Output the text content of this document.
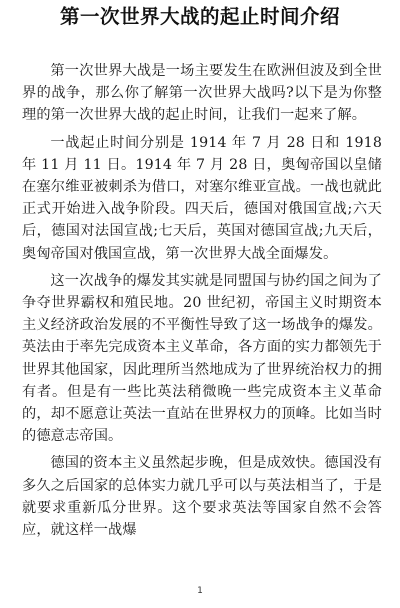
第一次世界大战的起止时间介绍

第一次世界大战是一场主要发生在欧洲但波及到全世界的战争，那么你了解第一次世界大战吗?以下是为你整理的第一次世界大战的起止时间，让我们一起来了解。

一战起止时间分别是 1914 年 7 月 28 日和 1918 年 11 月 11 日。1914 年 7 月 28 日，奥匈帝国以皇储在塞尔维亚被刺杀为借口，对塞尔维亚宣战。一战也就此正式开始进入战争阶段。四天后，德国对俄国宣战;六天后，德国对法国宣战;七天后，英国对德国宣战;九天后，奥匈帝国对俄国宣战，第一次世界大战全面爆发。

这一次战争的爆发其实就是同盟国与协约国之间为了争夺世界霸权和殖民地。20 世纪初，帝国主义时期资本主义经济政治发展的不平衡性导致了这一场战争的爆发。英法由于率先完成资本主义革命，各方面的实力都领先于世界其他国家，因此理所当然地成为了世界统治权力的拥有者。但是有一些比英法稍微晚一些完成资本主义革命的，却不愿意让英法一直站在世界权力的顶峰。比如当时的德意志帝国。

德国的资本主义虽然起步晚，但是成效快。德国没有多久之后国家的总体实力就几乎可以与英法相当了，于是就要求重新瓜分世界。这个要求英法等国家自然不会答应，就这样一战爆

1
